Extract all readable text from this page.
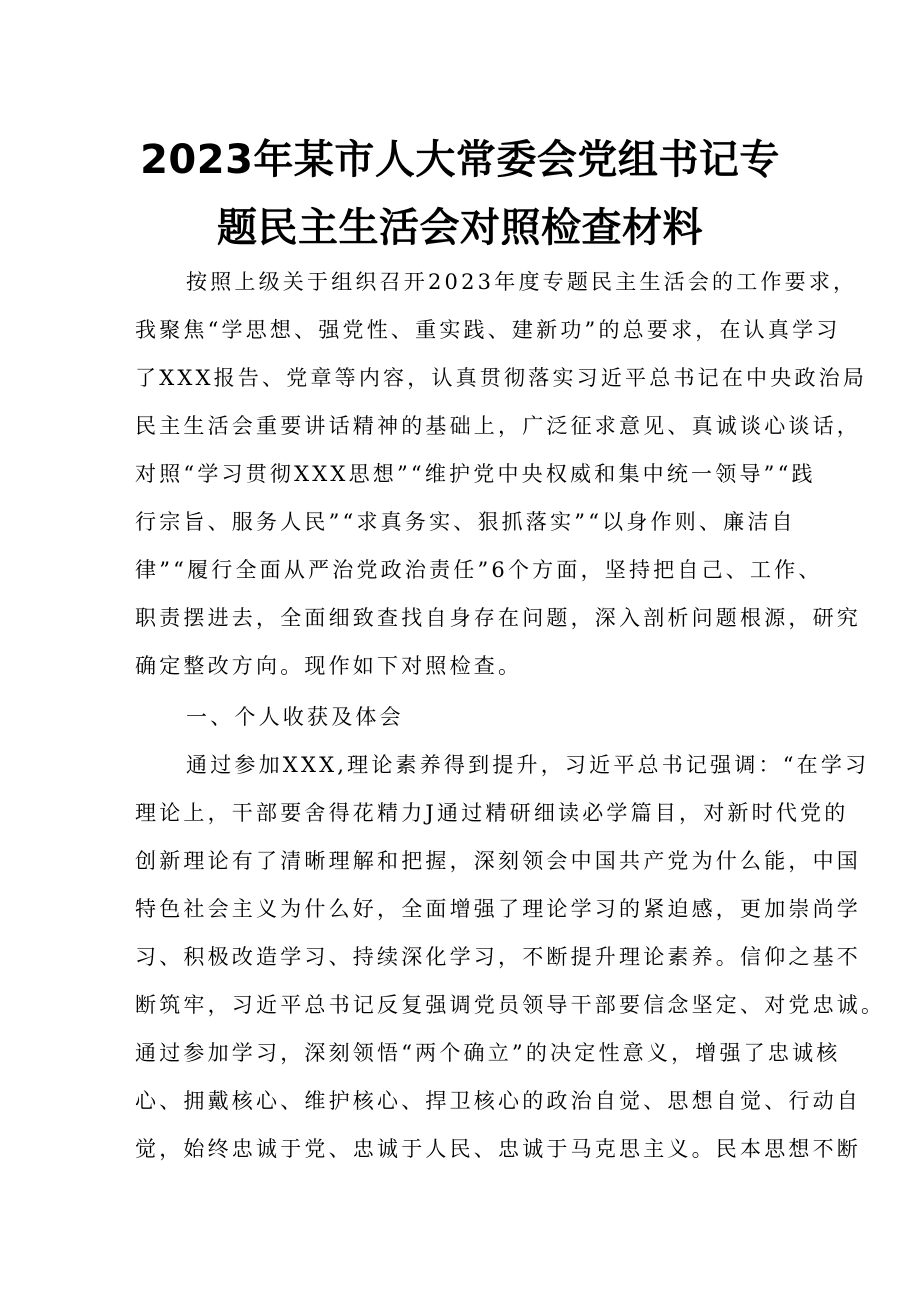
2023年某市人大常委会党组书记专
题民主生活会对照检查材料
按照上级关于组织召开2023年度专题民主生活会的工作要求，
我聚焦“学思想、强党性、重实践、建新功”的总要求，在认真学习
了XXX报告、党章等内容，认真贯彻落实习近平总书记在中央政治局
民主生活会重要讲话精神的基础上，广泛征求意见、真诚谈心谈话，
对照“学习贯彻XXX思想”“维护党中央权威和集中统一领导”“践
行宗旨、服务人民”“求真务实、狠抓落实”“以身作则、廉洁自
律”“履行全面从严治党政治责任”6个方面，坚持把自己、工作、
职责摆进去，全面细致查找自身存在问题，深入剖析问题根源，研究
确定整改方向。现作如下对照检查。
一、个人收获及体会
通过参加XXX,理论素养得到提升，习近平总书记强调：“在学习
理论上，干部要舍得花精力J通过精研细读必学篇目，对新时代党的
创新理论有了清晰理解和把握，深刻领会中国共产党为什么能，中国
特色社会主义为什么好，全面增强了理论学习的紧迫感，更加崇尚学
习、积极改造学习、持续深化学习，不断提升理论素养。信仰之基不
断筑牢，习近平总书记反复强调党员领导干部要信念坚定、对党忠诚。
通过参加学习，深刻领悟“两个确立”的决定性意义，增强了忠诚核
心、拥戴核心、维护核心、捍卫核心的政治自觉、思想自觉、行动自
觉，始终忠诚于党、忠诚于人民、忠诚于马克思主义。民本思想不断
